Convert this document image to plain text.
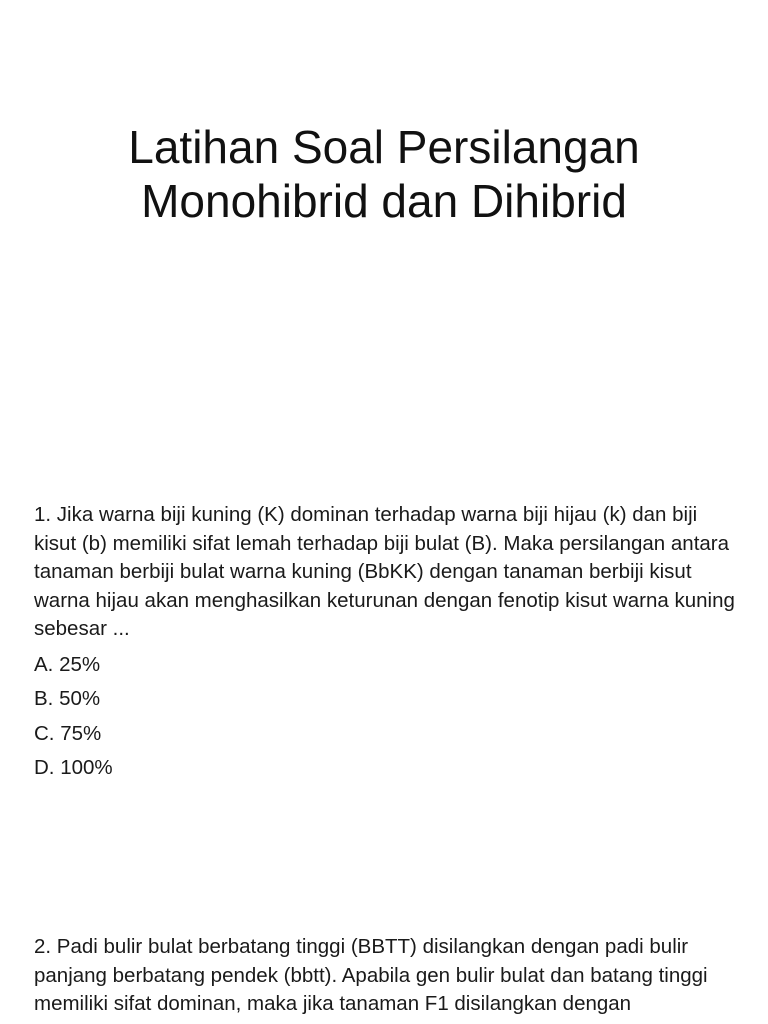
Latihan Soal Persilangan
Monohibrid dan Dihibrid

1. Jika warna biji kuning (K) dominan terhadap warna biji hijau (k) dan biji kisut (b) memiliki sifat lemah terhadap biji bulat (B). Maka persilangan antara tanaman berbiji bulat warna kuning (BbKK) dengan tanaman berbiji kisut warna hijau akan menghasilkan keturunan dengan fenotip kisut warna kuning sebesar ...

A. 25%
B. 50%
C. 75%
D. 100%

2. Padi bulir bulat berbatang tinggi (BBTT) disilangkan dengan padi bulir panjang berbatang pendek (bbtt). Apabila gen bulir bulat dan batang tinggi memiliki sifat dominan, maka jika tanaman F1 disilangkan dengan
